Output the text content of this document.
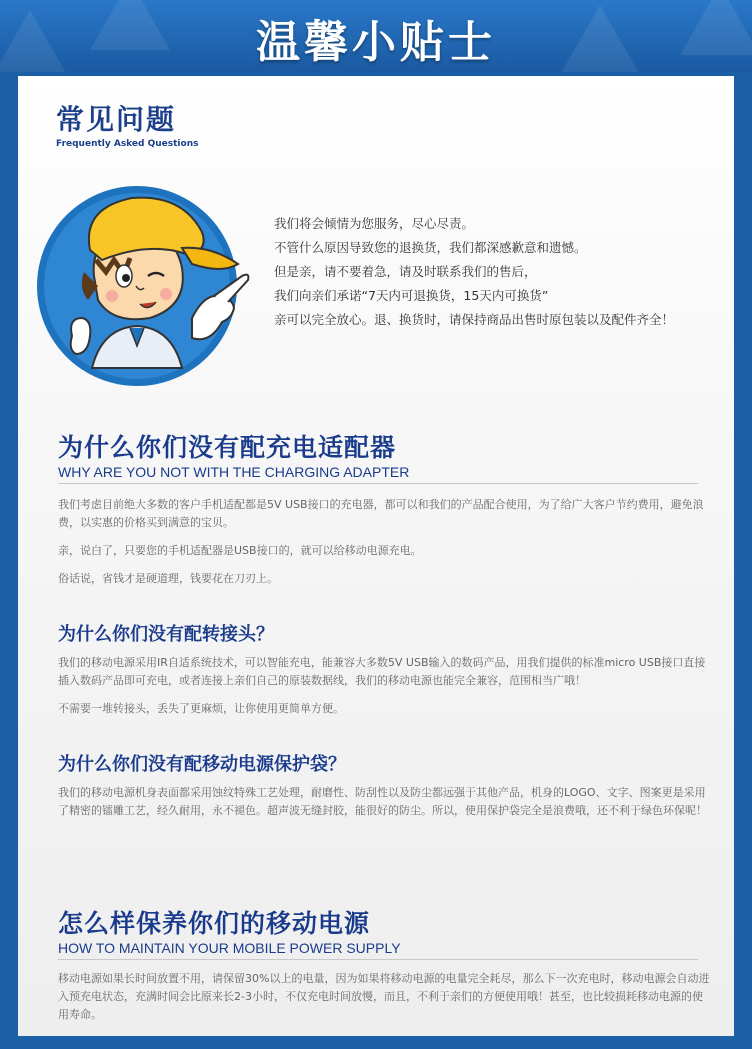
温馨小贴士
常见问题
Frequently Asked Questions

我们将会倾情为您服务，尽心尽责。

不管什么原因导致您的退换货，我们都深感歉意和遗憾。

但是亲，请不要着急，请及时联系我们的售后，

我们向亲们承诺“7天内可退换货，15天内可换货”

亲可以完全放心。退、换货时，请保持商品出售时原包装以及配件齐全！

为什么你们没有配充电适配器
WHY ARE YOU NOT WITH THE CHARGING ADAPTER

我们考虑目前绝大多数的客户手机适配都是5V USB接口的充电器，都可以和我们的产品配合使用，为了给广大客户节约费用，避免浪费，以实惠的价格买到满意的宝贝。

亲，说白了，只要您的手机适配器是USB接口的，就可以给移动电源充电。

俗话说，省钱才是硬道理，钱要花在刀刃上。

为什么你们没有配转接头？

我们的移动电源采用IR自适系统技术，可以智能充电，能兼容大多数5V USB输入的数码产品，用我们提供的标准micro USB接口直接插入数码产品即可充电，或者连接上亲们自己的原装数据线，我们的移动电源也能完全兼容，范围相当广哦！

不需要一堆转接头，丢失了更麻烦，让你使用更简单方便。

为什么你们没有配移动电源保护袋？

我们的移动电源机身表面都采用蚀纹特殊工艺处理，耐磨性、防刮性以及防尘都远强于其他产品，机身的LOGO、文字、图案更是采用了精密的镭雕工艺，经久耐用，永不褪色。超声波无缝封胶，能很好的防尘。所以，使用保护袋完全是浪费哦，还不利于绿色环保呢！

怎么样保养你们的移动电源
HOW TO MAINTAIN YOUR MOBILE POWER SUPPLY

移动电源如果长时间放置不用，请保留30%以上的电量，因为如果将移动电源的电量完全耗尽，那么下一次充电时，移动电源会自动进入预充电状态，充满时间会比原来长2-3小时，不仅充电时间放慢，而且，不利于亲们的方便使用哦！甚至，也比较损耗移动电源的使用寿命。
